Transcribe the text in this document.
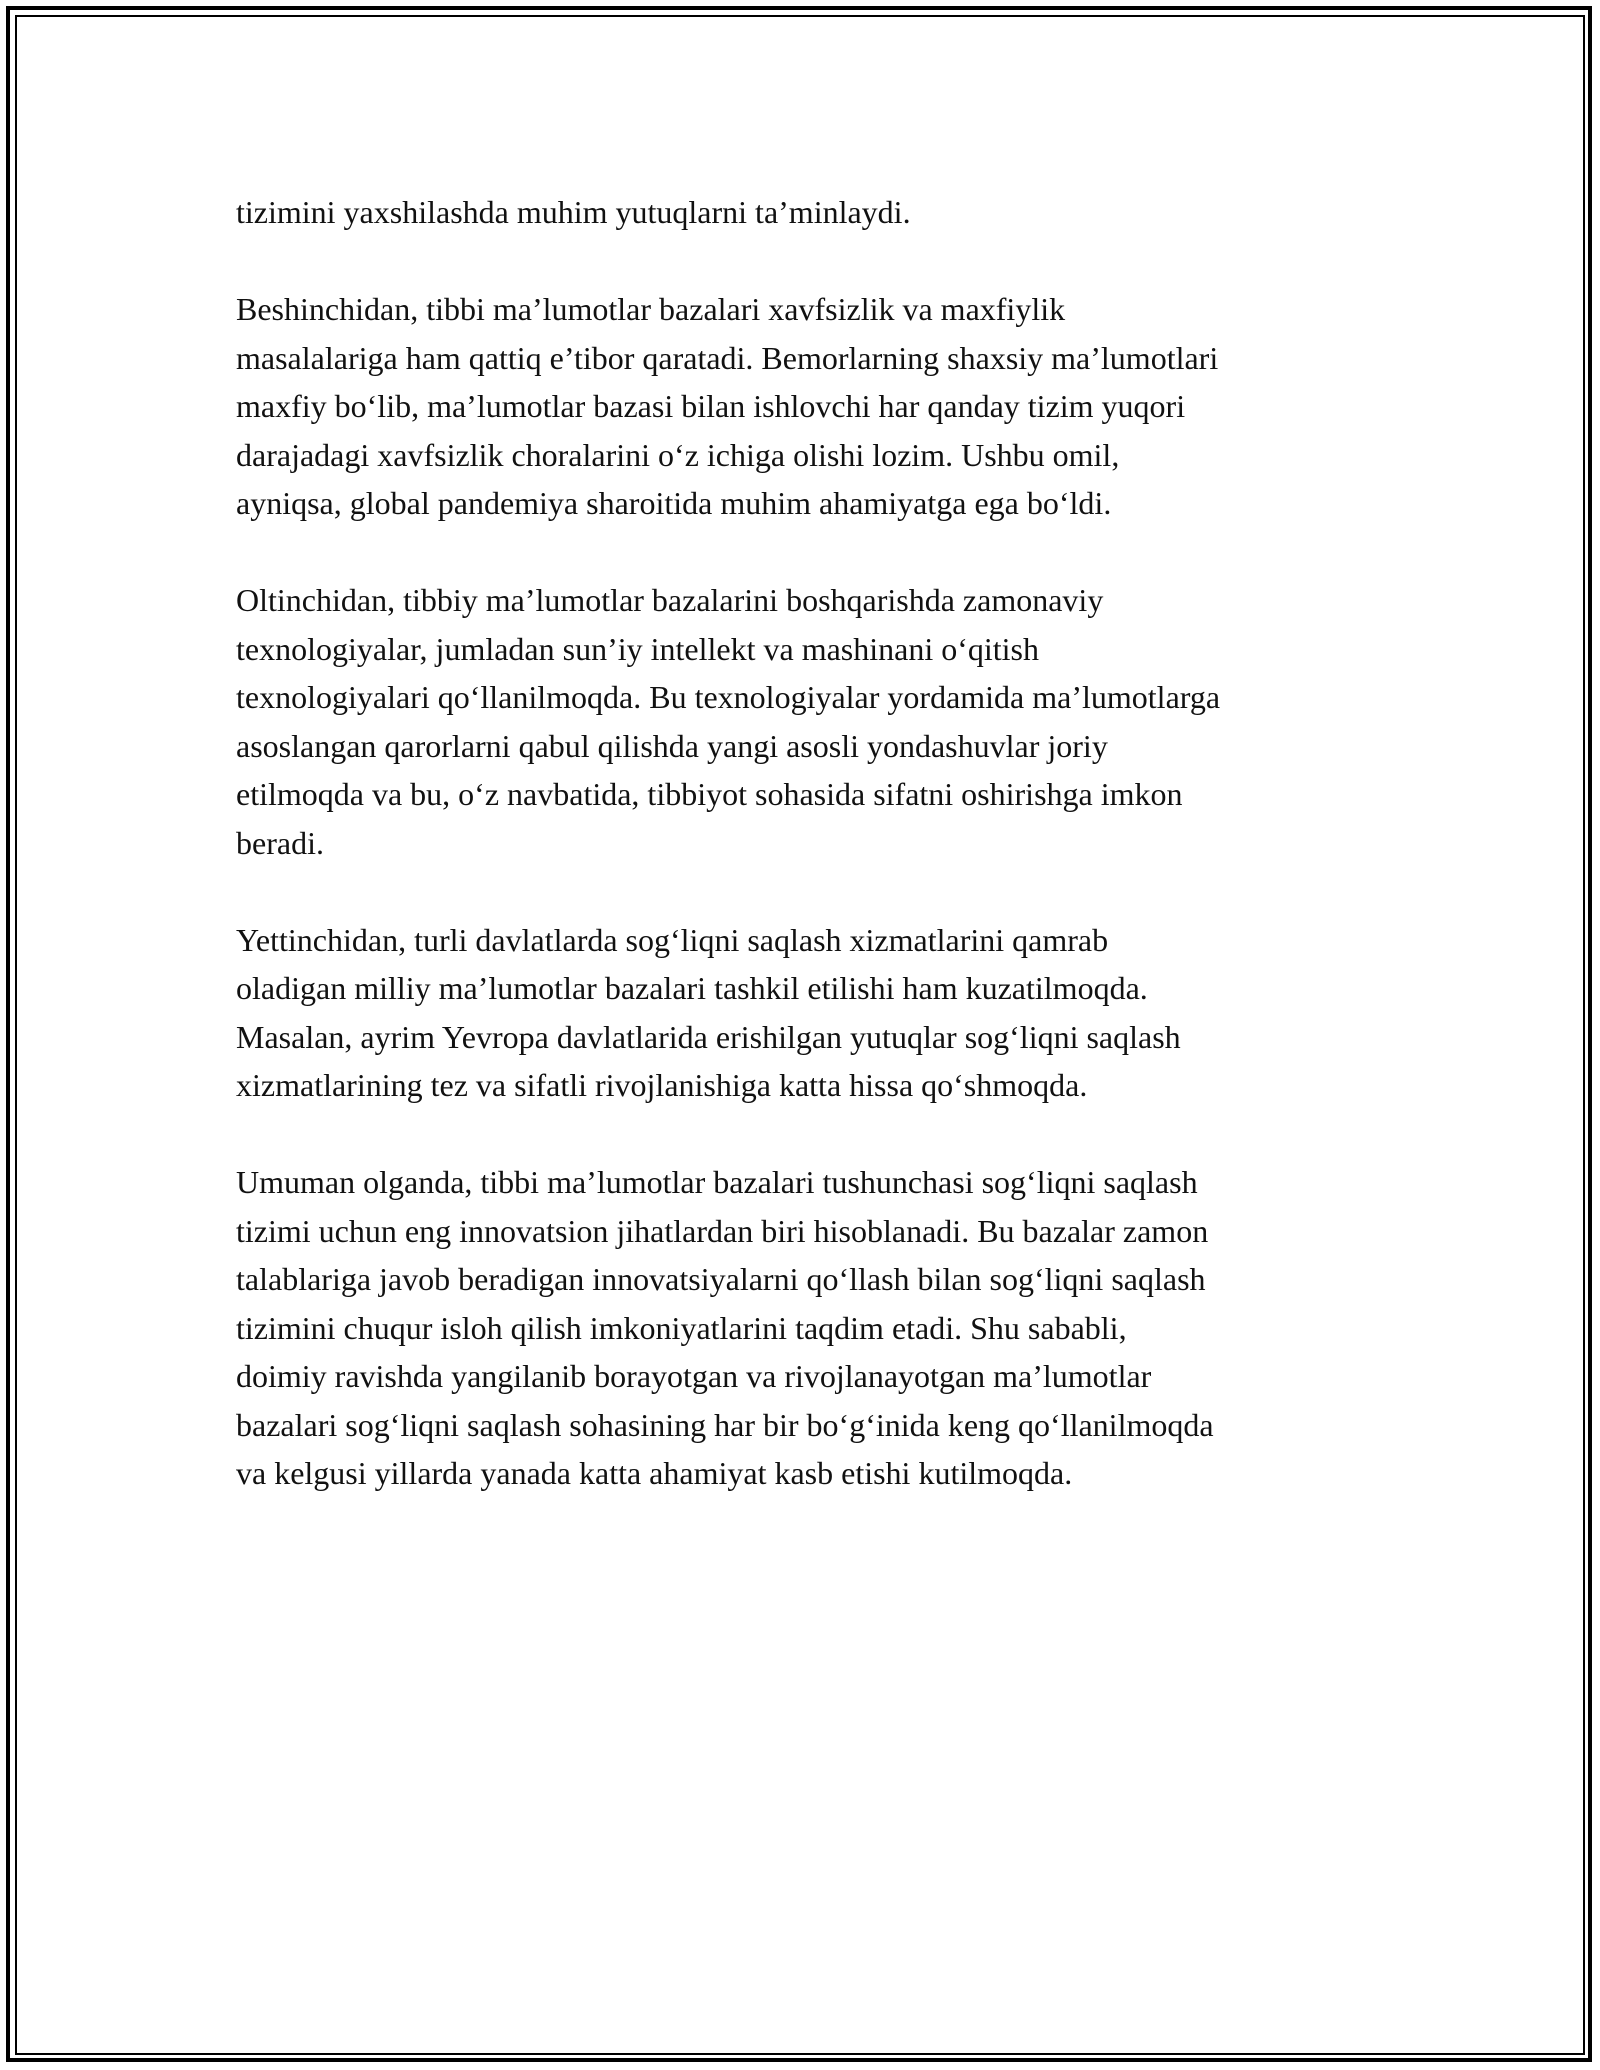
tizimini yaxshilashda muhim yutuqlarni ta’minlaydi.

Beshinchidan, tibbi ma’lumotlar bazalari xavfsizlik va maxfiylik
masalalariga ham qattiq e’tibor qaratadi. Bemorlarning shaxsiy ma’lumotlari
maxfiy bo‘lib, ma’lumotlar bazasi bilan ishlovchi har qanday tizim yuqori
darajadagi xavfsizlik choralarini o‘z ichiga olishi lozim. Ushbu omil,
ayniqsa, global pandemiya sharoitida muhim ahamiyatga ega bo‘ldi.

Oltinchidan, tibbiy ma’lumotlar bazalarini boshqarishda zamonaviy
texnologiyalar, jumladan sun’iy intellekt va mashinani o‘qitish
texnologiyalari qo‘llanilmoqda. Bu texnologiyalar yordamida ma’lumotlarga
asoslangan qarorlarni qabul qilishda yangi asosli yondashuvlar joriy
etilmoqda va bu, o‘z navbatida, tibbiyot sohasida sifatni oshirishga imkon
beradi.

Yettinchidan, turli davlatlarda sog‘liqni saqlash xizmatlarini qamrab
oladigan milliy ma’lumotlar bazalari tashkil etilishi ham kuzatilmoqda.
Masalan, ayrim Yevropa davlatlarida erishilgan yutuqlar sog‘liqni saqlash
xizmatlarining tez va sifatli rivojlanishiga katta hissa qo‘shmoqda.

Umuman olganda, tibbi ma’lumotlar bazalari tushunchasi sog‘liqni saqlash
tizimi uchun eng innovatsion jihatlardan biri hisoblanadi. Bu bazalar zamon
talablariga javob beradigan innovatsiyalarni qo‘llash bilan sog‘liqni saqlash
tizimini chuqur isloh qilish imkoniyatlarini taqdim etadi. Shu sababli,
doimiy ravishda yangilanib borayotgan va rivojlanayotgan ma’lumotlar
bazalari sog‘liqni saqlash sohasining har bir bo‘g‘inida keng qo‘llanilmoqda
va kelgusi yillarda yanada katta ahamiyat kasb etishi kutilmoqda.
